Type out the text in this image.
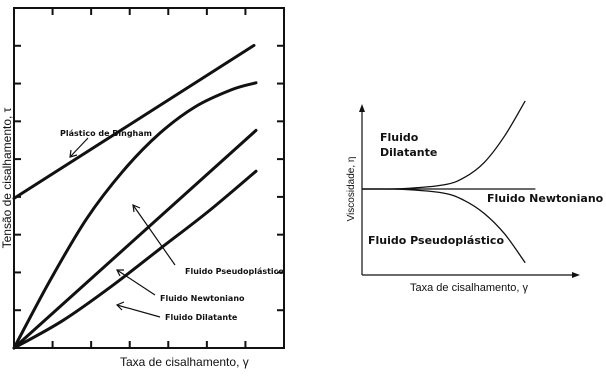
Plástico de Bingham
Fluido Pseudoplástico
Fluido Newtoniano
Fluido Dilatante
Taxa de cisalhamento, γ
Tensão de cisalhamento, τ	Fluido
Dilatante
Fluido Newtoniano
Fluido Pseudoplástico
Taxa de cisalhamento, γ
Viscosidade, η
